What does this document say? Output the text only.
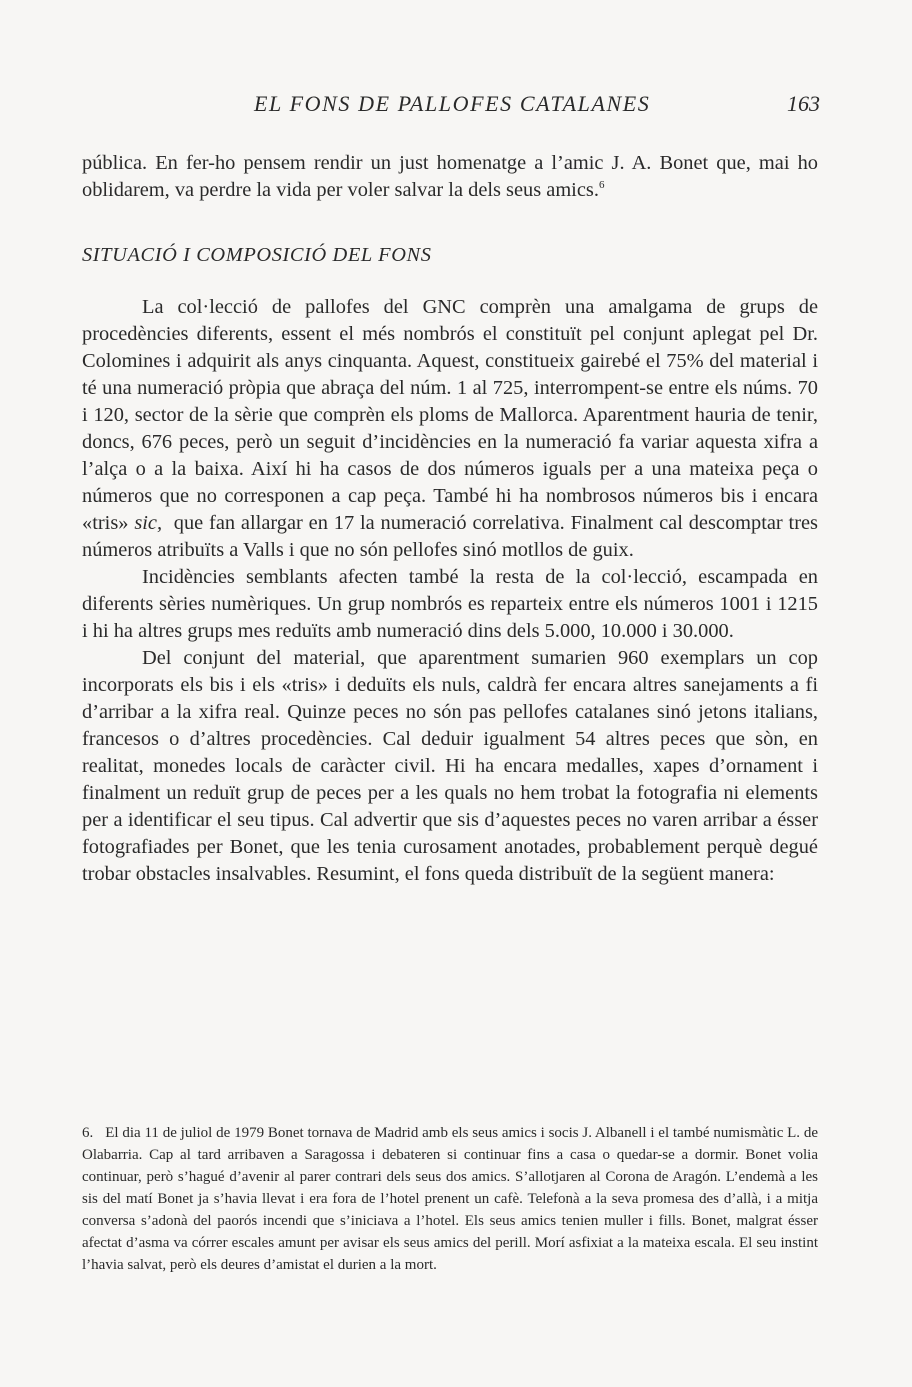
EL FONS DE PALLOFES CATALANES	163

pública. En fer-ho pensem rendir un just homenatge a l’amic J. A. Bonet que, mai ho oblidarem, va perdre la vida per voler salvar la dels seus amics.$^6$

SITUACIÓ I COMPOSICIÓ DEL FONS

La col·lecció de pallofes del GNC comprèn una amalgama de grups de procedències diferents, essent el més nombrós el constituït pel conjunt aplegat pel Dr. Colomines i adquirit als anys cinquanta. Aquest, constitueix gairebé el 75% del material i té una numeració pròpia que abraça del núm. 1 al 725, interrompent-se entre els núms. 70 i 120, sector de la sèrie que comprèn els ploms de Mallorca. Aparentment hauria de tenir, doncs, 676 peces, però un seguit d’incidències en la numeració fa variar aquesta xifra a l’alça o a la baixa. Així hi ha casos de dos números iguals per a una mateixa peça o números que no corresponen a cap peça. També hi ha nombrosos números bis i encara «tris» sic, que fan allargar en 17 la numeració correlativa. Finalment cal descomptar tres números atribuïts a Valls i que no són pellofes sinó motllos de guix.

Incidències semblants afecten també la resta de la col·lecció, escampada en diferents sèries numèriques. Un grup nombrós es reparteix entre els números 1001 i 1215 i hi ha altres grups mes reduïts amb numeració dins dels 5.000, 10.000 i 30.000.

Del conjunt del material, que aparentment sumarien 960 exemplars un cop incorporats els bis i els «tris» i deduïts els nuls, caldrà fer encara altres sanejaments a fi d’arribar a la xifra real. Quinze peces no són pas pellofes catalanes sinó jetons italians, francesos o d’altres procedències. Cal deduir igualment 54 altres peces que sòn, en realitat, monedes locals de caràcter civil. Hi ha encara medalles, xapes d’ornament i finalment un reduït grup de peces per a les quals no hem trobat la fotografia ni elements per a identificar el seu tipus. Cal advertir que sis d’aquestes peces no varen arribar a ésser fotografiades per Bonet, que les tenia curosament anotades, probablement perquè degué trobar obstacles insalvables. Resumint, el fons queda distribuït de la següent manera:

6. El dia 11 de juliol de 1979 Bonet tornava de Madrid amb els seus amics i socis J. Albanell i el també numismàtic L. de Olabarria. Cap al tard arribaven a Saragossa i debateren si continuar fins a casa o quedar-se a dormir. Bonet volia continuar, però s’hagué d’avenir al parer contrari dels seus dos amics. S’allotjaren al Corona de Aragón. L’endemà a les sis del matí Bonet ja s’havia llevat i era fora de l’hotel prenent un cafè. Telefonà a la seva promesa des d’allà, i a mitja conversa s’adonà del paorós incendi que s’iniciava a l’hotel. Els seus amics tenien muller i fills. Bonet, malgrat ésser afectat d’asma va córrer escales amunt per avisar els seus amics del perill. Morí asfixiat a la mateixa escala. El seu instint l’havia salvat, però els deures d’amistat el durien a la mort.
